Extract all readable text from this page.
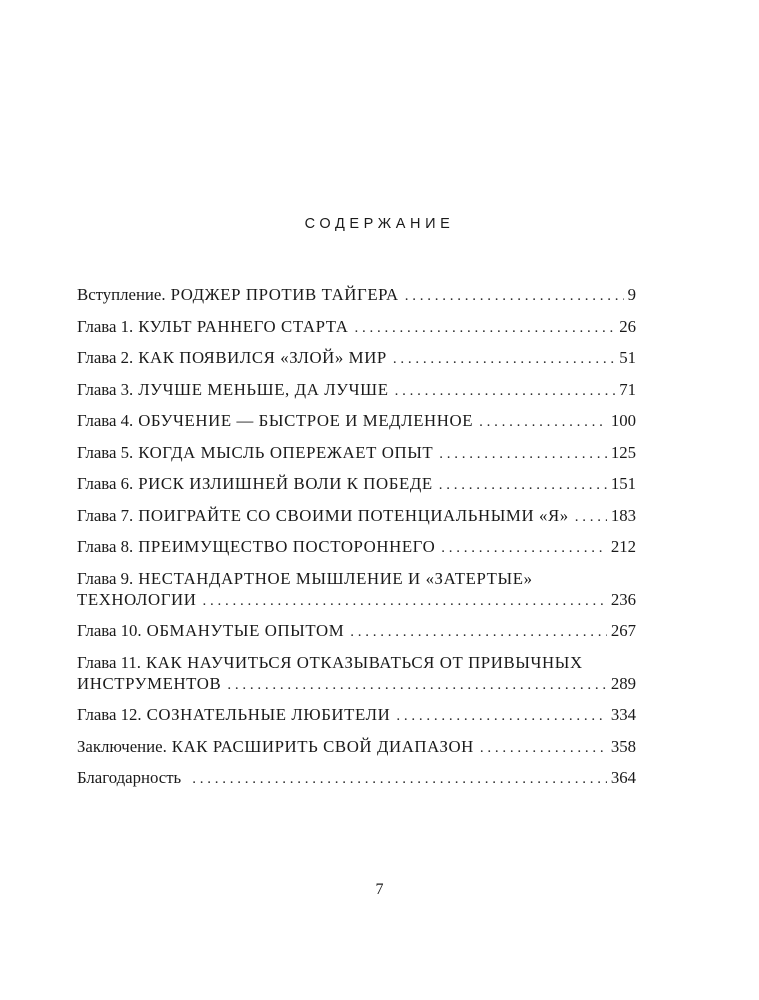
СОДЕРЖАНИЕ
Вступление. РОДЖЕР ПРОТИВ ТАЙГЕРА . . .	9
Глава 1. КУЛЬТ РАННЕГО СТАРТА . . .	26
Глава 2. КАК ПОЯВИЛСЯ «ЗЛОЙ» МИР . . .	51
Глава 3. ЛУЧШЕ МЕНЬШЕ, ДА ЛУЧШЕ . . .	71
Глава 4. ОБУЧЕНИЕ — БЫСТРОЕ И МЕДЛЕННОЕ . . .	100
Глава 5. КОГДА МЫСЛЬ ОПЕРЕЖАЕТ ОПЫТ . . .	125
Глава 6. РИСК ИЗЛИШНЕЙ ВОЛИ К ПОБЕДЕ . . .	151
Глава 7. ПОИГРАЙТЕ СО СВОИМИ ПОТЕНЦИАЛЬНЫМИ «Я» . . .	183
Глава 8. ПРЕИМУЩЕСТВО ПОСТОРОННЕГО . . .	212
Глава 9. НЕСТАНДАРТНОЕ МЫШЛЕНИЕ И «ЗАТЕРТЫЕ»
ТЕХНОЛОГИИ . . .	236
Глава 10. ОБМАНУТЫЕ ОПЫТОМ . . .	267
Глава 11. КАК НАУЧИТЬСЯ ОТКАЗЫВАТЬСЯ ОТ ПРИВЫЧНЫХ
ИНСТРУМЕНТОВ . . .	289
Глава 12. СОЗНАТЕЛЬНЫЕ ЛЮБИТЕЛИ . . .	334
Заключение. КАК РАСШИРИТЬ СВОЙ ДИАПАЗОН . . .	358
Благодарность . . .	364
7
